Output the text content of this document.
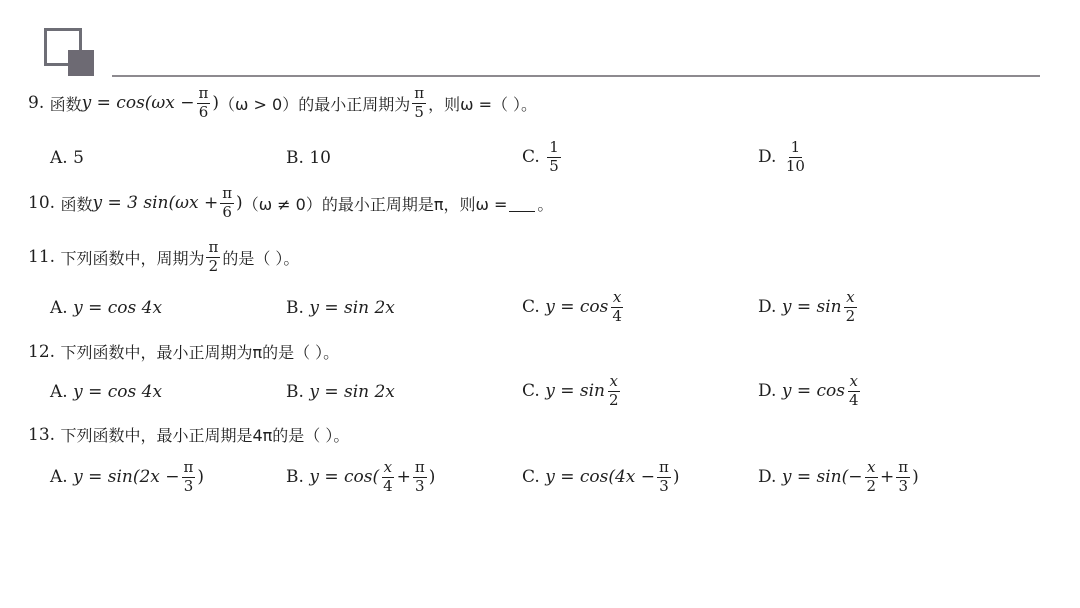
9.
函数 $y = \cos(\omega x - \frac{\pi}{6}$ ) （ω > 0） 的最小正周期为 $\frac{\pi}{5}$ ，则ω =（ ）。
A.
5	B.
10	C.
$\frac{1}{5}$	D.
$\frac{1}{10}$
10.
函数 y = 3 $\sin(\omega x + \frac{\pi}{6}$ ) （ω ≠ 0） 的最小正周期是π，则ω = 。
11.
下列函数中，周期为 $\frac{\pi}{2}$ 的是（ ）。
A.
y = cos 4x	B.
y = sin 2x	C.
$y = \cos \frac{x}{4}$	D.
$y = \sin \frac{x}{2}$
12.
下列函数中，最小正周期为π的是（ ）。
A.
y = cos 4x	B.
y = sin 2x	C.
$y = \sin \frac{x}{2}$	D.
$y = \cos \frac{x}{4}$
13.
下列函数中，最小正周期是4π的是（ ）。
A.
$y = \sin(2x - \frac{\pi}{3}$ )	B.
$y = \cos( \frac{x}{4} + \frac{\pi}{3}$ )	C.
$y = \cos(4x - \frac{\pi}{3}$ )	D.
$y = \sin(- \frac{x}{2} + \frac{\pi}{3}$ )
